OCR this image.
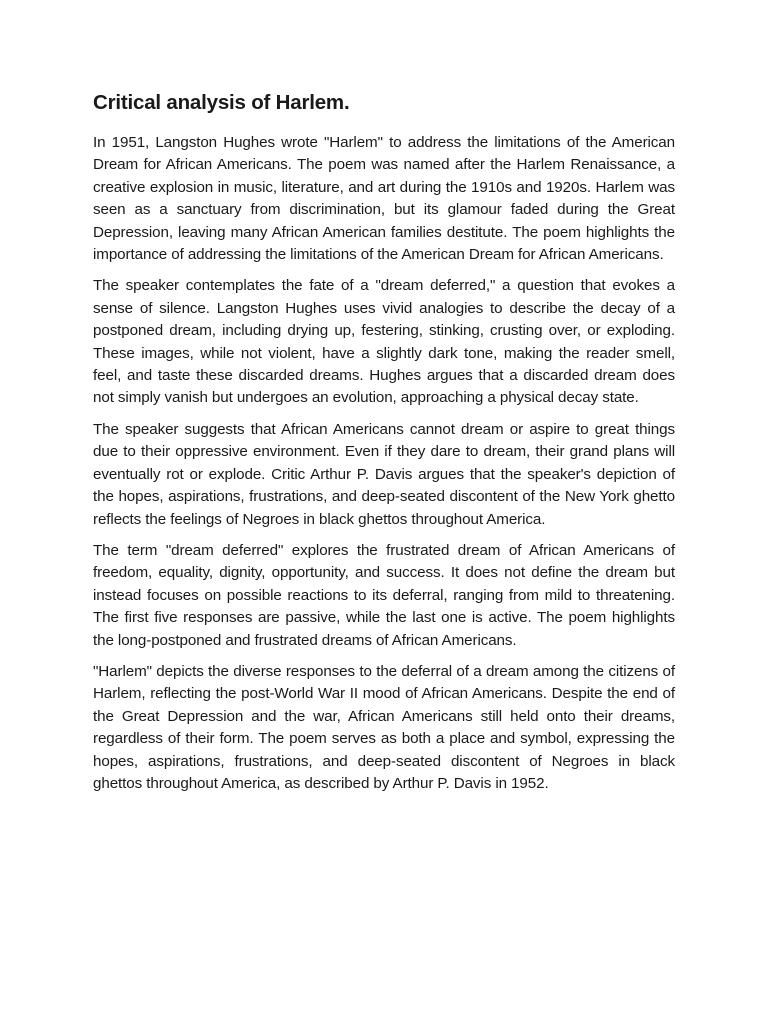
Critical analysis of Harlem.

In 1951, Langston Hughes wrote "Harlem" to address the limitations of the American Dream for African Americans. The poem was named after the Harlem Renaissance, a creative explosion in music, literature, and art during the 1910s and 1920s. Harlem was seen as a sanctuary from discrimination, but its glamour faded during the Great Depression, leaving many African American families destitute. The poem highlights the importance of addressing the limitations of the American Dream for African Americans.

The speaker contemplates the fate of a "dream deferred," a question that evokes a sense of silence. Langston Hughes uses vivid analogies to describe the decay of a postponed dream, including drying up, festering, stinking, crusting over, or exploding. These images, while not violent, have a slightly dark tone, making the reader smell, feel, and taste these discarded dreams. Hughes argues that a discarded dream does not simply vanish but undergoes an evolution, approaching a physical decay state.

The speaker suggests that African Americans cannot dream or aspire to great things due to their oppressive environment. Even if they dare to dream, their grand plans will eventually rot or explode. Critic Arthur P. Davis argues that the speaker's depiction of the hopes, aspirations, frustrations, and deep-seated discontent of the New York ghetto reflects the feelings of Negroes in black ghettos throughout America.

The term "dream deferred" explores the frustrated dream of African Americans of freedom, equality, dignity, opportunity, and success. It does not define the dream but instead focuses on possible reactions to its deferral, ranging from mild to threatening. The first five responses are passive, while the last one is active. The poem highlights the long-postponed and frustrated dreams of African Americans.

"Harlem" depicts the diverse responses to the deferral of a dream among the citizens of Harlem, reflecting the post-World War II mood of African Americans. Despite the end of the Great Depression and the war, African Americans still held onto their dreams, regardless of their form. The poem serves as both a place and symbol, expressing the hopes, aspirations, frustrations, and deep-seated discontent of Negroes in black ghettos throughout America, as described by Arthur P. Davis in 1952.
